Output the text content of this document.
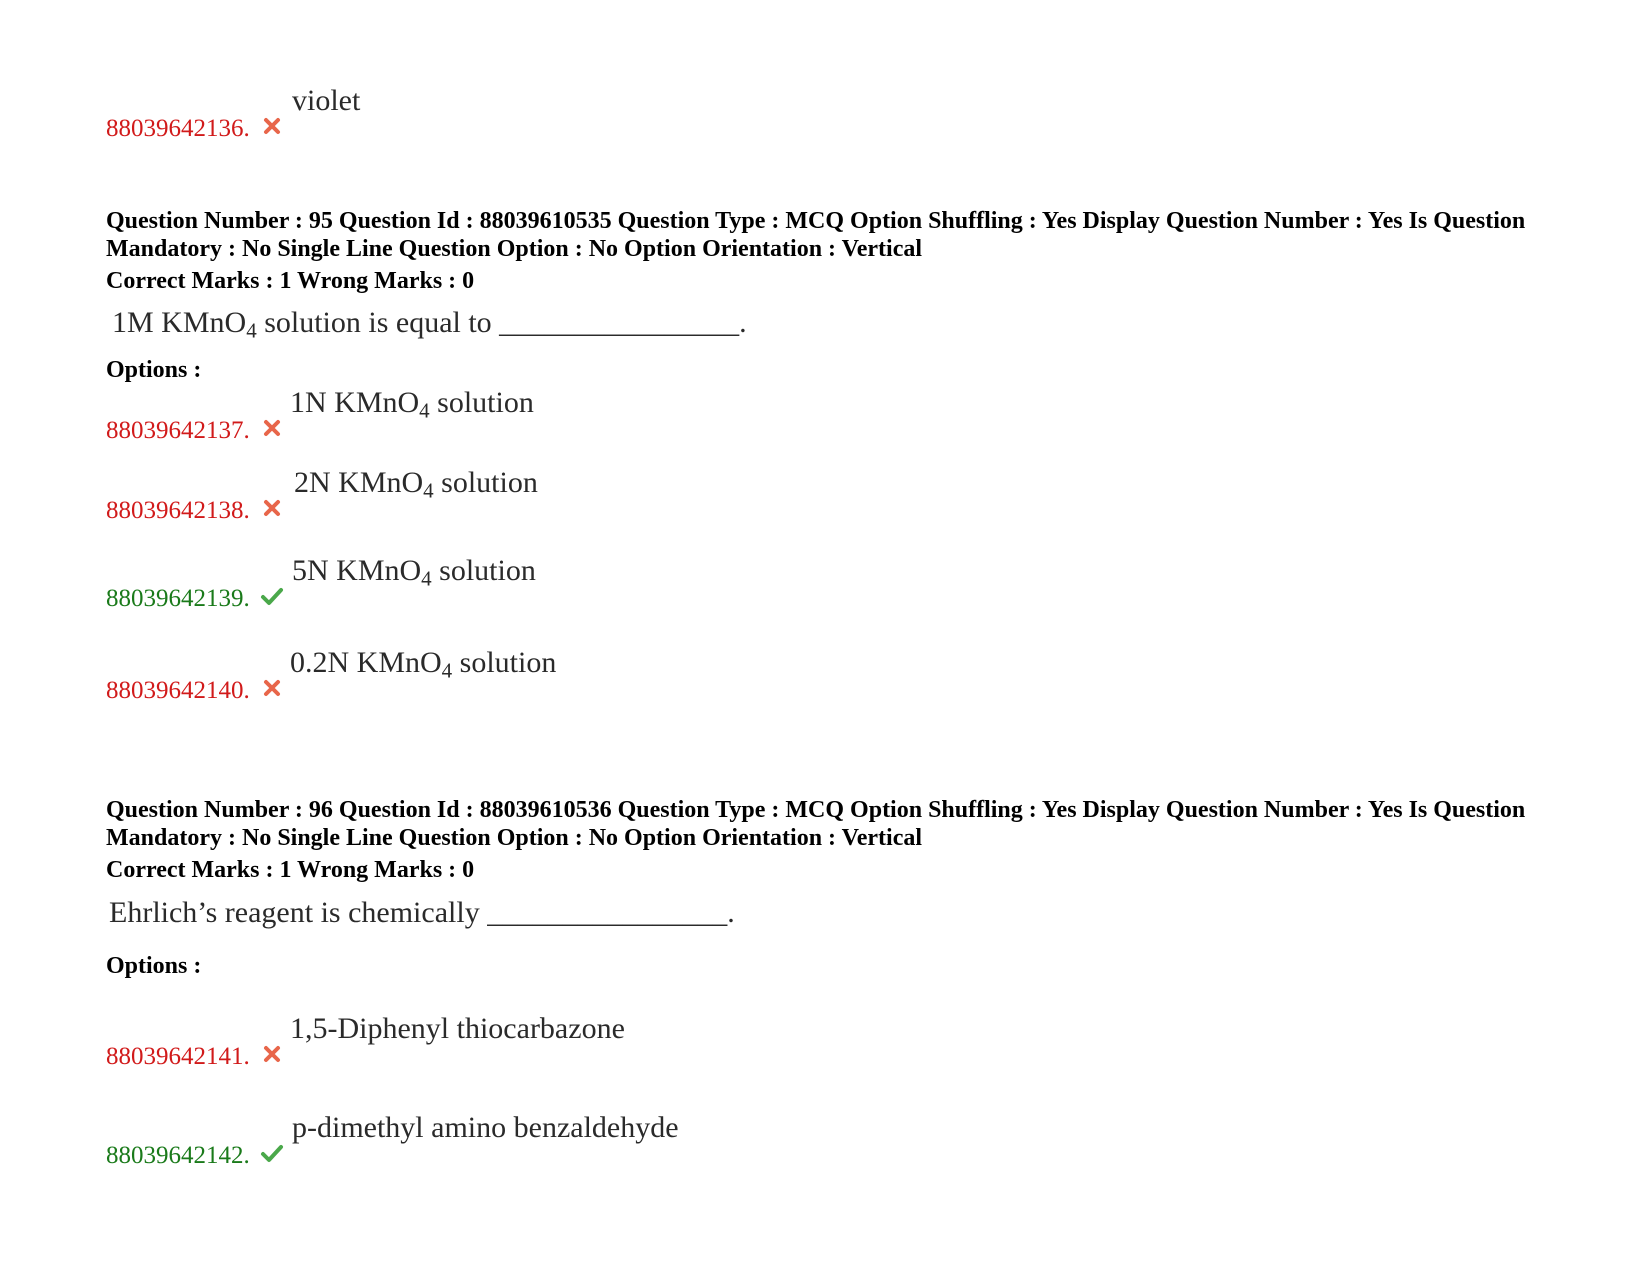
88039642136.
violet
Question Number : 95 Question Id : 88039610535 Question Type : MCQ Option Shuffling : Yes Display Question Number : Yes Is Question Mandatory : No Single Line Question Option : No Option Orientation : Vertical
Correct Marks : 1 Wrong Marks : 0
1M KMnO$_4$ solution is equal to ________________.
Options :
88039642137.
1N KMnO$_4$ solution
88039642138.
2N KMnO$_4$ solution
88039642139.
5N KMnO$_4$ solution
88039642140.
0.2N KMnO$_4$ solution
Question Number : 96 Question Id : 88039610536 Question Type : MCQ Option Shuffling : Yes Display Question Number : Yes Is Question Mandatory : No Single Line Question Option : No Option Orientation : Vertical
Correct Marks : 1 Wrong Marks : 0
Ehrlich’s reagent is chemically ________________.
Options :
88039642141.
1,5-Diphenyl thiocarbazone
88039642142.
p-dimethyl amino benzaldehyde
